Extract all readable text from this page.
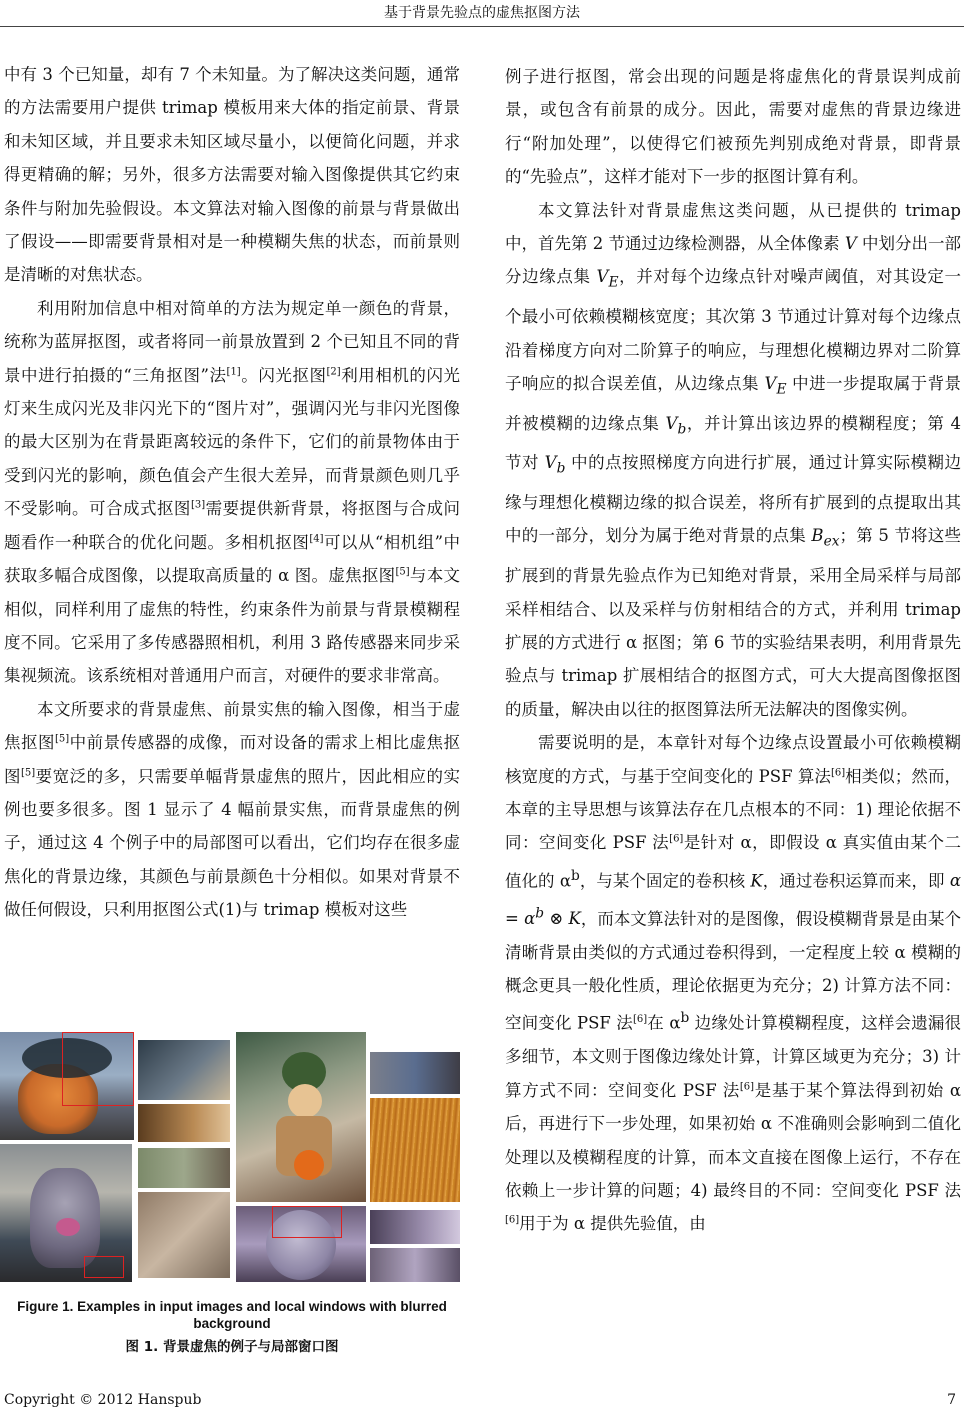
基于背景先验点的虚焦抠图方法

中有 3 个已知量，却有 7 个未知量。为了解决这类问题，通常的方法需要用户提供 trimap 模板用来大体的指定前景、背景和未知区域，并且要求未知区域尽量小，以便简化问题，并求得更精确的解；另外，很多方法需要对输入图像提供其它约束条件与附加先验假设。本文算法对输入图像的前景与背景做出了假设——即需要背景相对是一种模糊失焦的状态，而前景则是清晰的对焦状态。

利用附加信息中相对简单的方法为规定单一颜色的背景，统称为蓝屏抠图，或者将同一前景放置到 2 个已知且不同的背景中进行拍摄的“三角抠图”法[1]。闪光抠图[2]利用相机的闪光灯来生成闪光及非闪光下的“图片对”，强调闪光与非闪光图像的最大区别为在背景距离较远的条件下，它们的前景物体由于受到闪光的影响，颜色值会产生很大差异，而背景颜色则几乎不受影响。可合成式抠图[3]需要提供新背景，将抠图与合成问题看作一种联合的优化问题。多相机抠图[4]可以从“相机组”中获取多幅合成图像，以提取高质量的 α 图。虚焦抠图[5]与本文相似，同样利用了虚焦的特性，约束条件为前景与背景模糊程度不同。它采用了多传感器照相机，利用 3 路传感器来同步采集视频流。该系统相对普通用户而言，对硬件的要求非常高。

本文所要求的背景虚焦、前景实焦的输入图像，相当于虚焦抠图[5]中前景传感器的成像，而对设备的需求上相比虚焦抠图[5]要宽泛的多，只需要单幅背景虚焦的照片，因此相应的实例也要多很多。图 1 显示了 4 幅前景实焦，而背景虚焦的例子，通过这 4 个例子中的局部图可以看出，它们均存在很多虚焦化的背景边缘，其颜色与前景颜色十分相似。如果对背景不做任何假设，只利用抠图公式(1)与 trimap 模板对这些

Figure 1. Examples in input images and local windows with blurred background
图 1. 背景虚焦的例子与局部窗口图

例子进行抠图，常会出现的问题是将虚焦化的背景误判成前景，或包含有前景的成分。因此，需要对虚焦的背景边缘进行“附加处理”，以使得它们被预先判别成绝对背景，即背景的“先验点”，这样才能对下一步的抠图计算有利。

本文算法针对背景虚焦这类问题，从已提供的 trimap 中，首先第 2 节通过边缘检测器，从全体像素 V 中划分出一部分边缘点集 $V_E$，并对每个边缘点针对噪声阈值，对其设定一个最小可依赖模糊核宽度；其次第 3 节通过计算对每个边缘点沿着梯度方向对二阶算子的响应，与理想化模糊边界对二阶算子响应的拟合误差值，从边缘点集 $V_E$ 中进一步提取属于背景并被模糊的边缘点集 $V_b$，并计算出该边界的模糊程度；第 4 节对 $V_b$ 中的点按照梯度方向进行扩展，通过计算实际模糊边缘与理想化模糊边缘的拟合误差，将所有扩展到的点提取出其中的一部分，划分为属于绝对背景的点集 $B_{ex}$；第 5 节将这些扩展到的背景先验点作为已知绝对背景，采用全局采样与局部采样相结合、以及采样与仿射相结合的方式，并利用 trimap 扩展的方式进行 α 抠图；第 6 节的实验结果表明，利用背景先验点与 trimap 扩展相结合的抠图方式，可大大提高图像抠图的质量，解决由以往的抠图算法所无法解决的图像实例。

需要说明的是，本章针对每个边缘点设置最小可依赖模糊核宽度的方式，与基于空间变化的 PSF 算法[6]相类似；然而，本章的主导思想与该算法存在几点根本的不同：1) 理论依据不同：空间变化 PSF 法[6]是针对 α，即假设 α 真实值由某个二值化的 $\alpha^b$，与某个固定的卷积核 K，通过卷积运算而来，即 $\alpha = \alpha^b$ ⊗ K，而本文算法针对的是图像，假设模糊背景是由某个清晰背景由类似的方式通过卷积得到，一定程度上较 α 模糊的概念更具一般化性质，理论依据更为充分；2) 计算方法不同：空间变化 PSF 法[6]在 $\alpha^b$ 边缘处计算模糊程度，这样会遗漏很多细节，本文则于图像边缘处计算，计算区域更为充分；3) 计算方式不同：空间变化 PSF 法[6]是基于某个算法得到初始 α 后，再进行下一步处理，如果初始 α 不准确则会影响到二值化处理以及模糊程度的计算，而本文直接在图像上运行，不存在依赖上一步计算的问题；4) 最终目的不同：空间变化 PSF 法[6]用于为 α 提供先验值，由

Copyright © 2012 Hanspub	7
